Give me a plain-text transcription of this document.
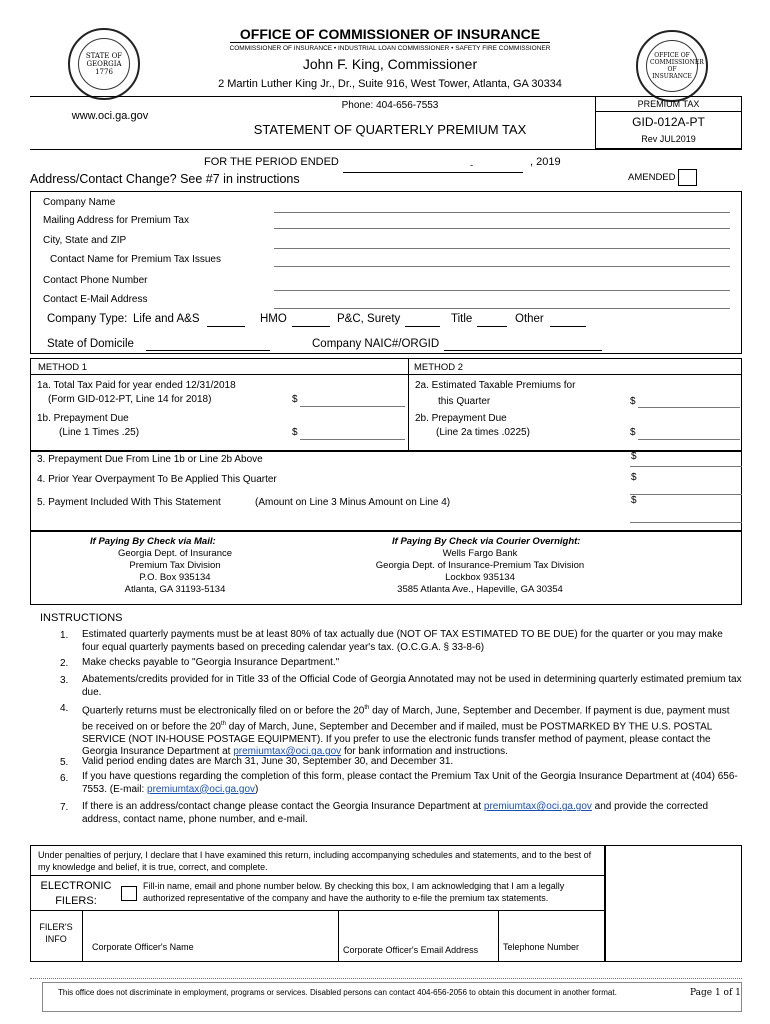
STATE OF GEORGIA 1776
OFFICE OF COMMISSIONER OF INSURANCE
OFFICE OF COMMISSIONER OF INSURANCE
COMMISSIONER OF INSURANCE • INDUSTRIAL LOAN COMMISSIONER • SAFETY FIRE COMMISSIONER
John F. King, Commissioner
2 Martin Luther King Jr., Dr., Suite 916, West Tower, Atlanta, GA 30334
Phone: 404-656-7553
www.oci.ga.gov
STATEMENT OF QUARTERLY PREMIUM TAX
PREMIUM TAX
GID-012A-PT
Rev JUL2019
FOR THE PERIOD ENDED	-	, 2019
Address/Contact Change? See #7 in instructions	AMENDED
Company Name
Mailing Address for Premium Tax
City, State and ZIP
Contact Name for Premium Tax Issues
Contact Phone Number
Contact E-Mail Address
Company Type: Life and A&S	HMO	P&C, Surety	Title	Other
State of Domicile	Company NAIC#/ORGID
METHOD 1	METHOD 2
1a. Total Tax Paid for year ended 12/31/2018
(Form GID-012-PT, Line 14 for 2018)	$
1b. Prepayment Due
(Line 1 Times .25)	$
2a. Estimated Taxable Premiums for
this Quarter	$
2b. Prepayment Due
(Line 2a times .0225)	$
3. Prepayment Due From Line 1b or Line 2b Above	$
4. Prior Year Overpayment To Be Applied This Quarter	$
5. Payment Included With This Statement	(Amount on Line 3 Minus Amount on Line 4)	$
If Paying By Check via Mail:
Georgia Dept. of Insurance
Premium Tax Division
P.O. Box 935134
Atlanta, GA 31193-5134
If Paying By Check via Courier Overnight:
Wells Fargo Bank
Georgia Dept. of Insurance-Premium Tax Division
Lockbox 935134
3585 Atlanta Ave., Hapeville, GA 30354
INSTRUCTIONS
1. Estimated quarterly payments must be at least 80% of tax actually due (NOT OF TAX ESTIMATED TO BE DUE) for the quarter or you may make four equal quarterly payments based on preceding calendar year's tax. (O.C.G.A. § 33-8-6)
2. Make checks payable to "Georgia Insurance Department."
3. Abatements/credits provided for in Title 33 of the Official Code of Georgia Annotated may not be used in determining quarterly estimated premium tax due.
4. Quarterly returns must be electronically filed on or before the 20th day of March, June, September and December. If payment is due, payment must be received on or before the 20th day of March, June, September and December and if mailed, must be POSTMARKED BY THE U.S. POSTAL SERVICE (NOT IN-HOUSE POSTAGE EQUIPMENT). If you prefer to use the electronic funds transfer method of payment, please contact the Georgia Insurance Department at premiumtax@oci.ga.gov for bank information and instructions.
5. Valid period ending dates are March 31, June 30, September 30, and December 31.
6. If you have questions regarding the completion of this form, please contact the Premium Tax Unit of the Georgia Insurance Department at (404) 656-7553. (E-mail: premiumtax@oci.ga.gov)
7. If there is an address/contact change please contact the Georgia Insurance Department at premiumtax@oci.ga.gov and provide the corrected address, contact name, phone number, and e-mail.
Under penalties of perjury, I declare that I have examined this return, including accompanying schedules and statements, and to the best of my knowledge and belief, it is true, correct, and complete.
ELECTRONIC
FILERS:
Fill-in name, email and phone number below. By checking this box, I am acknowledging that I am a legally authorized representative of the company and have the authority to e-file the premium tax statements.
FILER'S
INFO
Corporate Officer's Name	Corporate Officer's Email Address	Telephone Number
This office does not discriminate in employment, programs or services. Disabled persons can contact 404-656-2056 to obtain this document in another format.	Page 1 of 1
